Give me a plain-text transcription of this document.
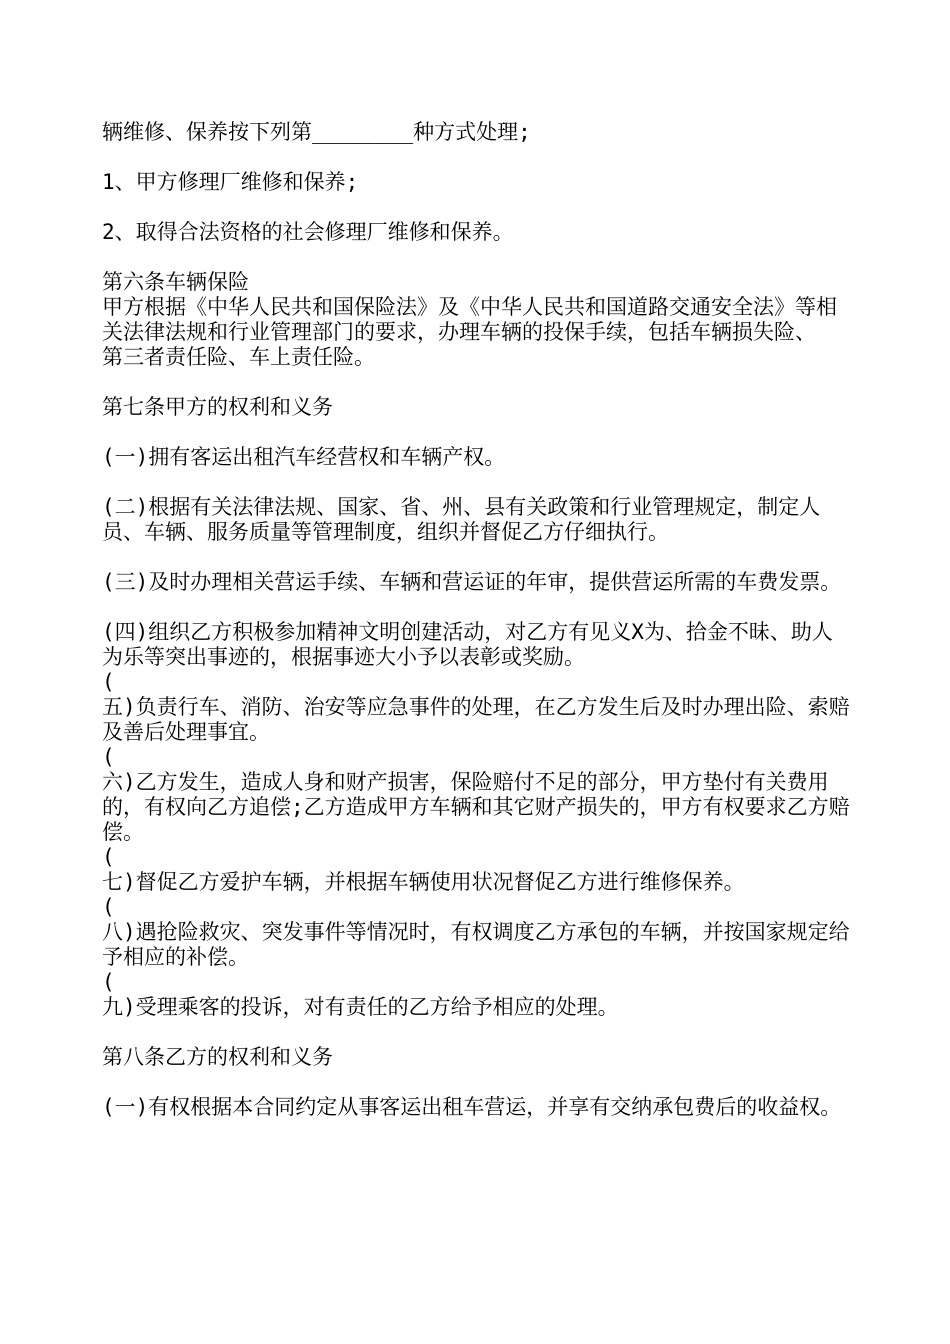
辆维修、保养按下列第________种方式处理;

1、甲方修理厂维修和保养;

2、取得合法资格的社会修理厂维修和保养。

第六条车辆保险

甲方根据《中华人民共和国保险法》及《中华人民共和国道路交通安全法》等相关法律法规和行业管理部门的要求，办理车辆的投保手续，包括车辆损失险、

第三者责任险、车上责任险。

第七条甲方的权利和义务

(一)拥有客运出租汽车经营权和车辆产权。

(二)根据有关法律法规、国家、省、州、县有关政策和行业管理规定，制定人员、车辆、服务质量等管理制度，组织并督促乙方仔细执行。

(三)及时办理相关营运手续、车辆和营运证的年审，提供营运所需的车费发票。

(四)组织乙方积极参加精神文明创建活动，对乙方有见义X为、拾金不昧、助人为乐等突出事迹的，根据事迹大小予以表彰或奖励。

(

五)负责行车、消防、治安等应急事件的处理，在乙方发生后及时办理出险、索赔及善后处理事宜。

(

六)乙方发生，造成人身和财产损害，保险赔付不足的部分，甲方垫付有关费用的，有权向乙方追偿;乙方造成甲方车辆和其它财产损失的，甲方有权要求乙方赔偿。

(

七)督促乙方爱护车辆，并根据车辆使用状况督促乙方进行维修保养。

(

八)遇抢险救灾、突发事件等情况时，有权调度乙方承包的车辆，并按国家规定给予相应的补偿。

(

九)受理乘客的投诉，对有责任的乙方给予相应的处理。

第八条乙方的权利和义务

(一)有权根据本合同约定从事客运出租车营运，并享有交纳承包费后的收益权。
